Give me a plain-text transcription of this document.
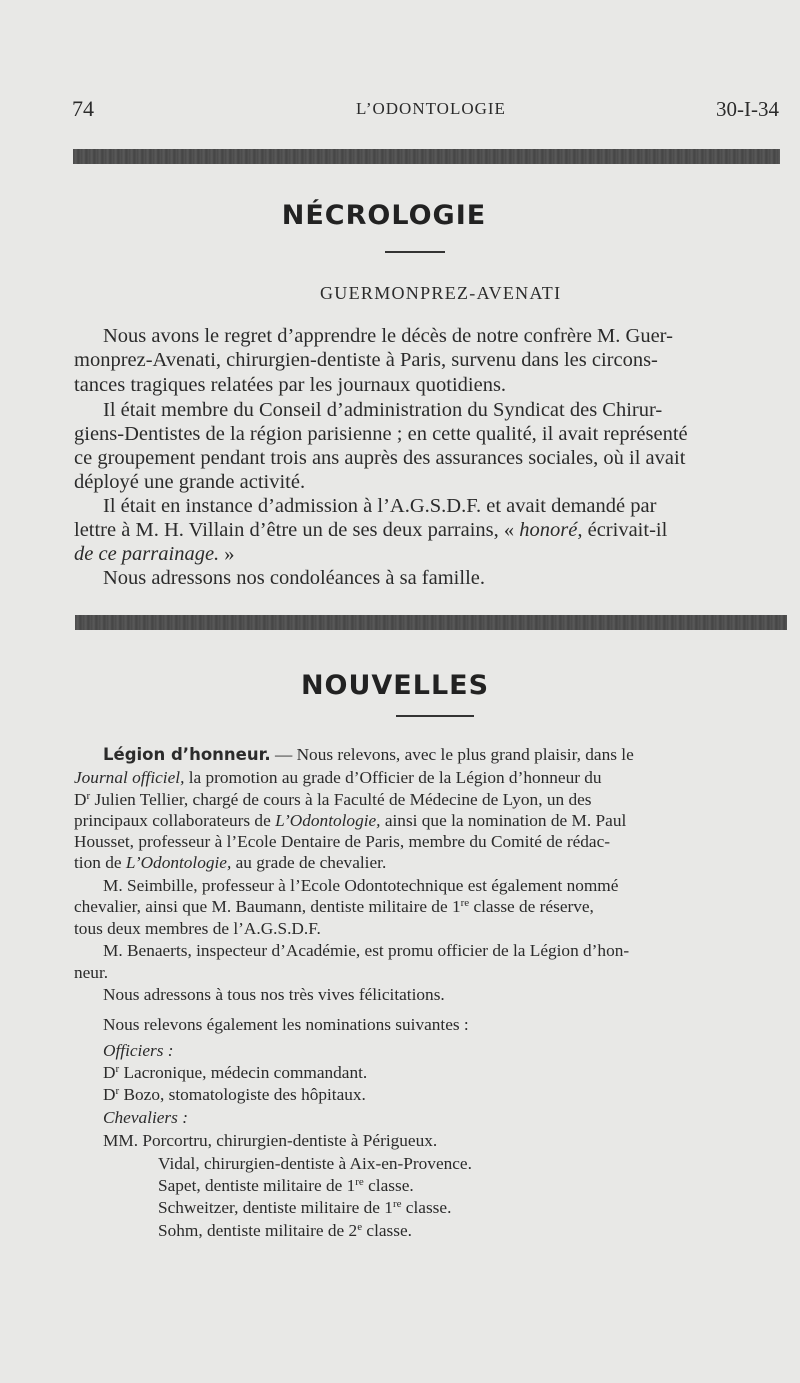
74	L’ODONTOLOGIE	30-I-34
NÉCROLOGIE
GUERMONPREZ-AVENATI
Nous avons le regret d’apprendre le décès de notre confrère M. Guer-
monprez-Avenati, chirurgien-dentiste à Paris, survenu dans les circons-
tances tragiques relatées par les journaux quotidiens.
Il était membre du Conseil d’administration du Syndicat des Chirur-
giens-Dentistes de la région parisienne ; en cette qualité, il avait représenté
ce groupement pendant trois ans auprès des assurances sociales, où il avait
déployé une grande activité.
Il était en instance d’admission à l’A.G.S.D.F. et avait demandé par
lettre à M. H. Villain d’être un de ses deux parrains, « honoré, écrivait-il
de ce parrainage. »
Nous adressons nos condoléances à sa famille.
NOUVELLES
Légion d’honneur. — Nous relevons, avec le plus grand plaisir, dans le
Journal officiel, la promotion au grade d’Officier de la Légion d’honneur du
$D^r$ Julien Tellier, chargé de cours à la Faculté de Médecine de Lyon, un des
principaux collaborateurs de L’Odontologie, ainsi que la nomination de M. Paul
Housset, professeur à l’Ecole Dentaire de Paris, membre du Comité de rédac-
tion de L’Odontologie, au grade de chevalier.
M. Seimbille, professeur à l’Ecole Odontotechnique est également nommé
chevalier, ainsi que M. Baumann, dentiste militaire de 1re classe de réserve,
tous deux membres de l’A.G.S.D.F.
M. Benaerts, inspecteur d’Académie, est promu officier de la Légion d’hon-
neur.
Nous adressons à tous nos très vives félicitations.
Nous relevons également les nominations suivantes :
Officiers :
$D^r$ Lacronique, médecin commandant.
$D^r$ Bozo, stomatologiste des hôpitaux.
Chevaliers :
MM. Porcortru, chirurgien-dentiste à Périgueux.
Vidal, chirurgien-dentiste à Aix-en-Provence.
Sapet, dentiste militaire de 1re classe.
Schweitzer, dentiste militaire de 1re classe.
Sohm, dentiste militaire de 2e classe.
